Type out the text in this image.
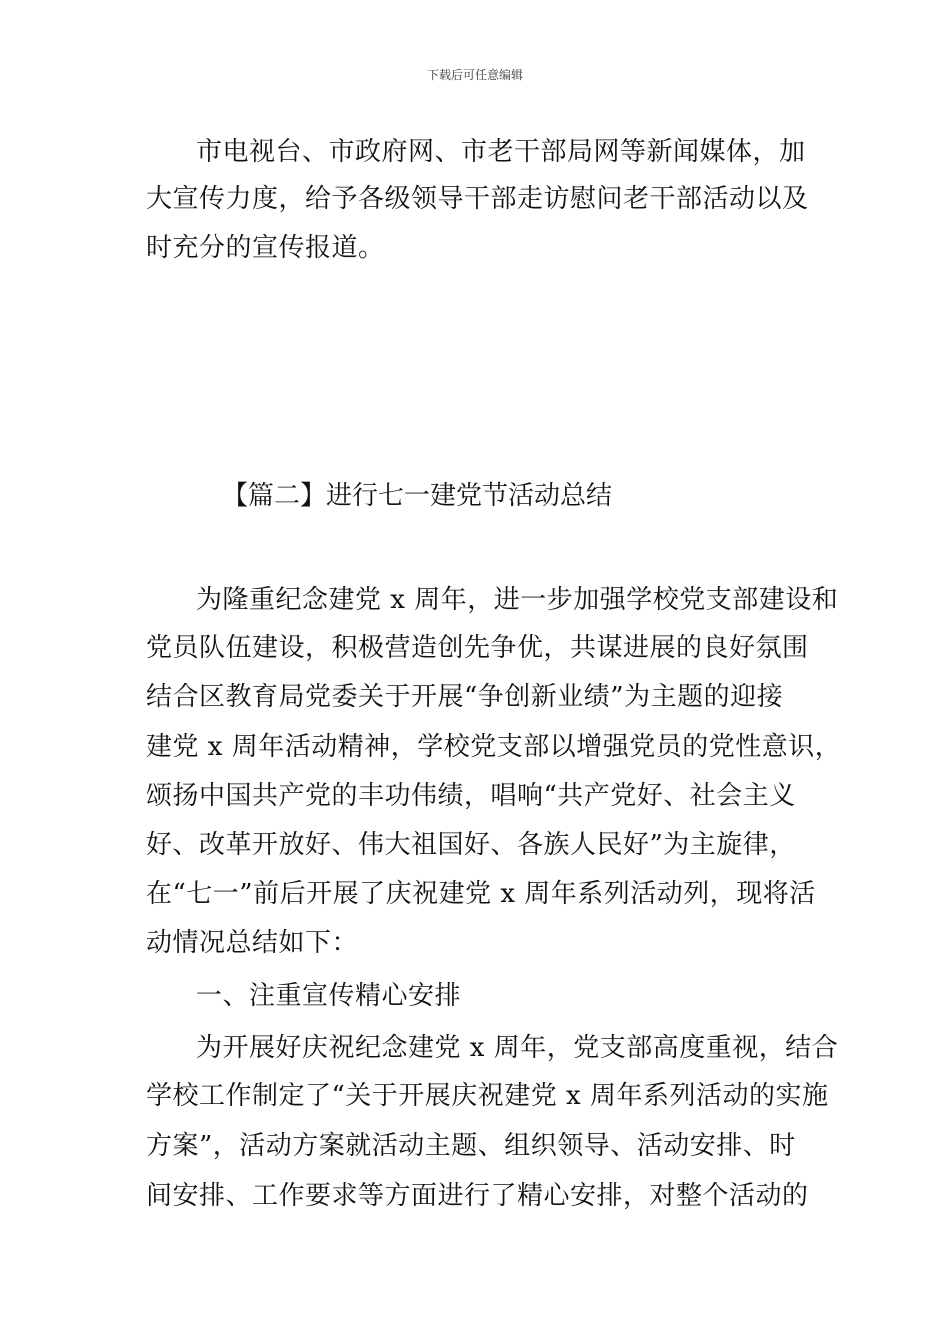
下载后可任意编辑
市电视台、市政府网、市老干部局网等新闻媒体，加
大宣传力度，给予各级领导干部走访慰问老干部活动以及
时充分的宣传报道。
【篇二】进行七一建党节活动总结
为隆重纪念建党 x 周年，进一步加强学校党支部建设和
党员队伍建设，积极营造创先争优，共谋进展的良好氛围
结合区教育局党委关于开展“争创新业绩”为主题的迎接
建党 x 周年活动精神，学校党支部以增强党员的党性意识，
颂扬中国共产党的丰功伟绩，唱响“共产党好、社会主义
好、改革开放好、伟大祖国好、各族人民好”为主旋律，
在“七一”前后开展了庆祝建党 x 周年系列活动列，现将活
动情况总结如下：
一、注重宣传精心安排
为开展好庆祝纪念建党 x 周年，党支部高度重视，结合
学校工作制定了“关于开展庆祝建党 x 周年系列活动的实施
方案”，活动方案就活动主题、组织领导、活动安排、时
间安排、工作要求等方面进行了精心安排，对整个活动的
